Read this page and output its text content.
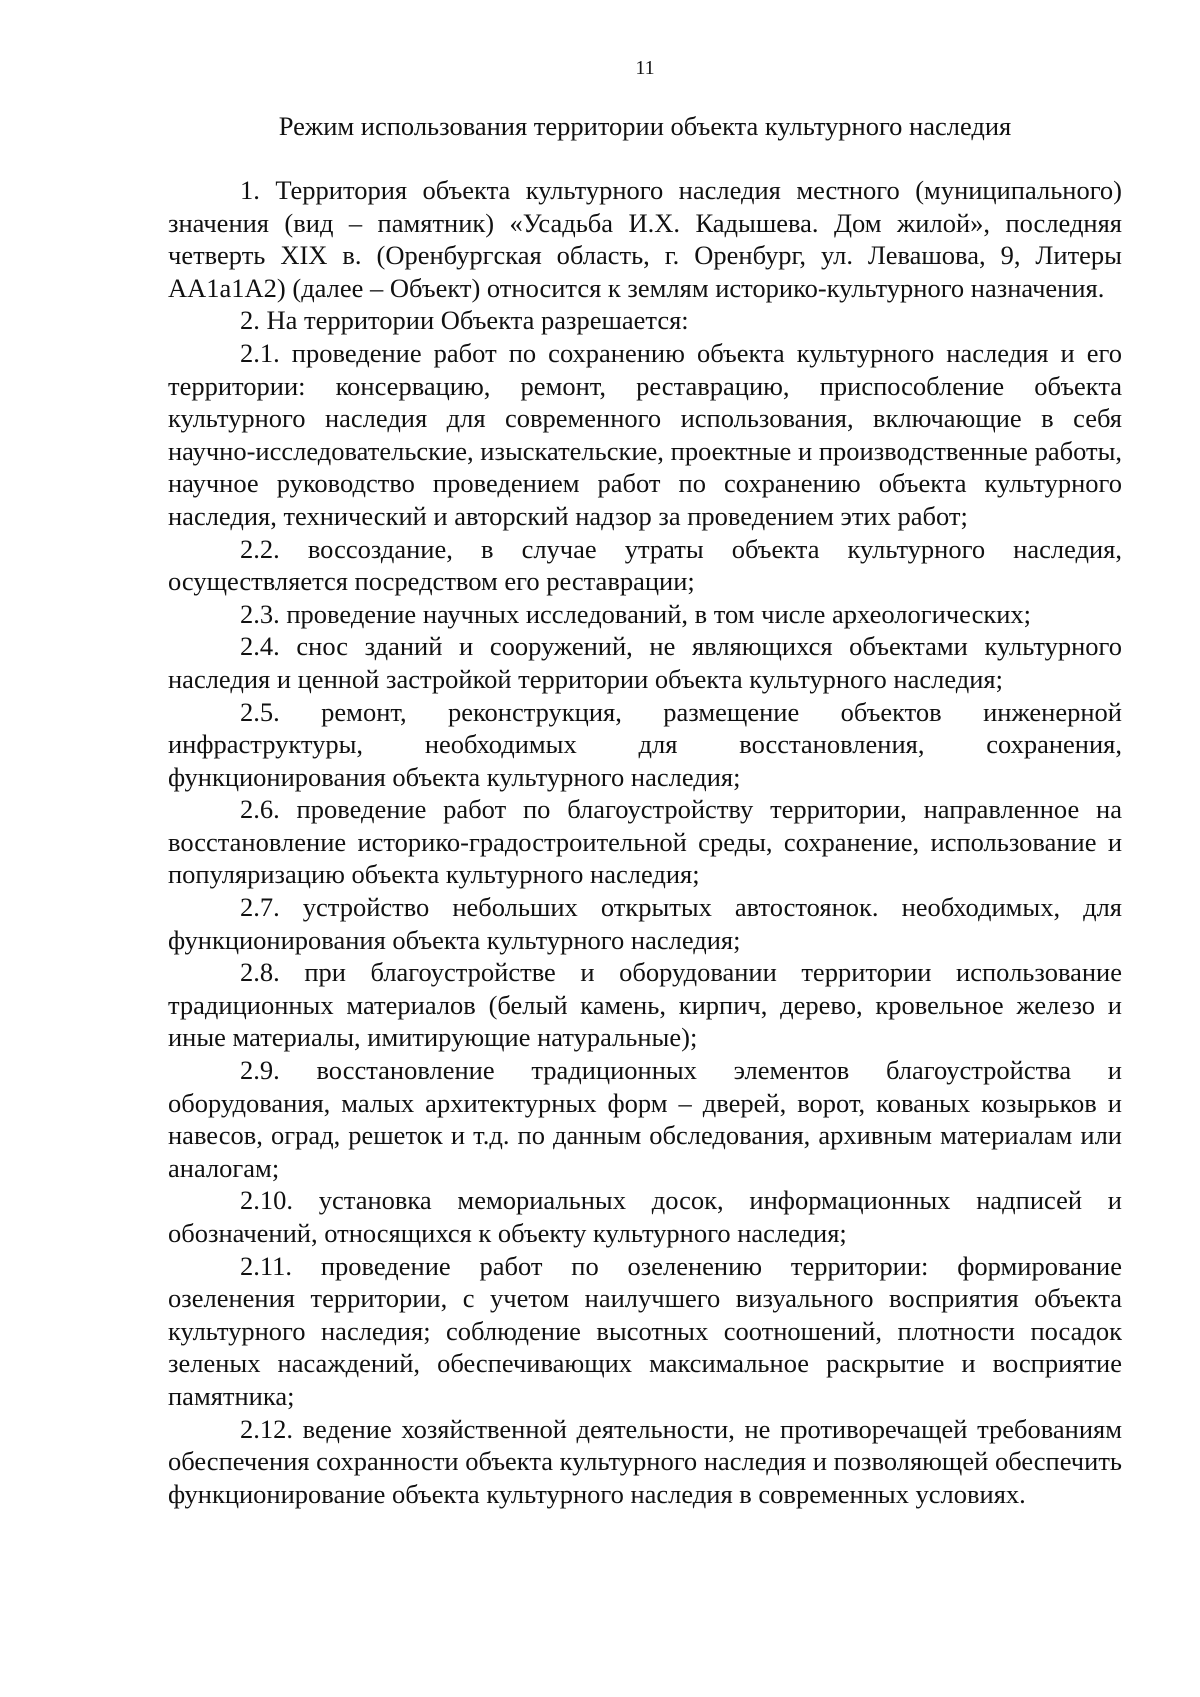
11
Режим использования территории объекта культурного наследия

1. Территория объекта культурного наследия местного (муниципального) значения (вид – памятник) «Усадьба И.Х. Кадышева. Дом жилой», последняя четверть XIX в. (Оренбургская область, г. Оренбург, ул. Левашова, 9, Литеры АА1а1А2) (далее – Объект) относится к землям историко-культурного назначения.

2. На территории Объекта разрешается:

2.1. проведение работ по сохранению объекта культурного наследия и его территории: консервацию, ремонт, реставрацию, приспособление объекта культурного наследия для современного использования, включающие в себя научно-исследовательские, изыскательские, проектные и производственные работы, научное руководство проведением работ по сохранению объекта культурного наследия, технический и авторский надзор за проведением этих работ;

2.2. воссоздание, в случае утраты объекта культурного наследия, осуществляется посредством его реставрации;

2.3. проведение научных исследований, в том числе археологических;

2.4. снос зданий и сооружений, не являющихся объектами культурного наследия и ценной застройкой территории объекта культурного наследия;

2.5. ремонт, реконструкция, размещение объектов инженерной инфраструктуры, необходимых для восстановления, сохранения, функционирования объекта культурного наследия;

2.6. проведение работ по благоустройству территории, направленное на восстановление историко-градостроительной среды, сохранение, использование и популяризацию объекта культурного наследия;

2.7. устройство небольших открытых автостоянок. необходимых, для функционирования объекта культурного наследия;

2.8. при благоустройстве и оборудовании территории использование традиционных материалов (белый камень, кирпич, дерево, кровельное железо и иные материалы, имитирующие натуральные);

2.9. восстановление традиционных элементов благоустройства и оборудования, малых архитектурных форм – дверей, ворот, кованых козырьков и навесов, оград, решеток и т.д. по данным обследования, архивным материалам или аналогам;

2.10. установка мемориальных досок, информационных надписей и обозначений, относящихся к объекту культурного наследия;

2.11. проведение работ по озеленению территории: формирование озеленения территории, с учетом наилучшего визуального восприятия объекта культурного наследия; соблюдение высотных соотношений, плотности посадок зеленых насаждений, обеспечивающих максимальное раскрытие и восприятие памятника;

2.12. ведение хозяйственной деятельности, не противоречащей требованиям обеспечения сохранности объекта культурного наследия и позволяющей обеспечить функционирование объекта культурного наследия в современных условиях.
